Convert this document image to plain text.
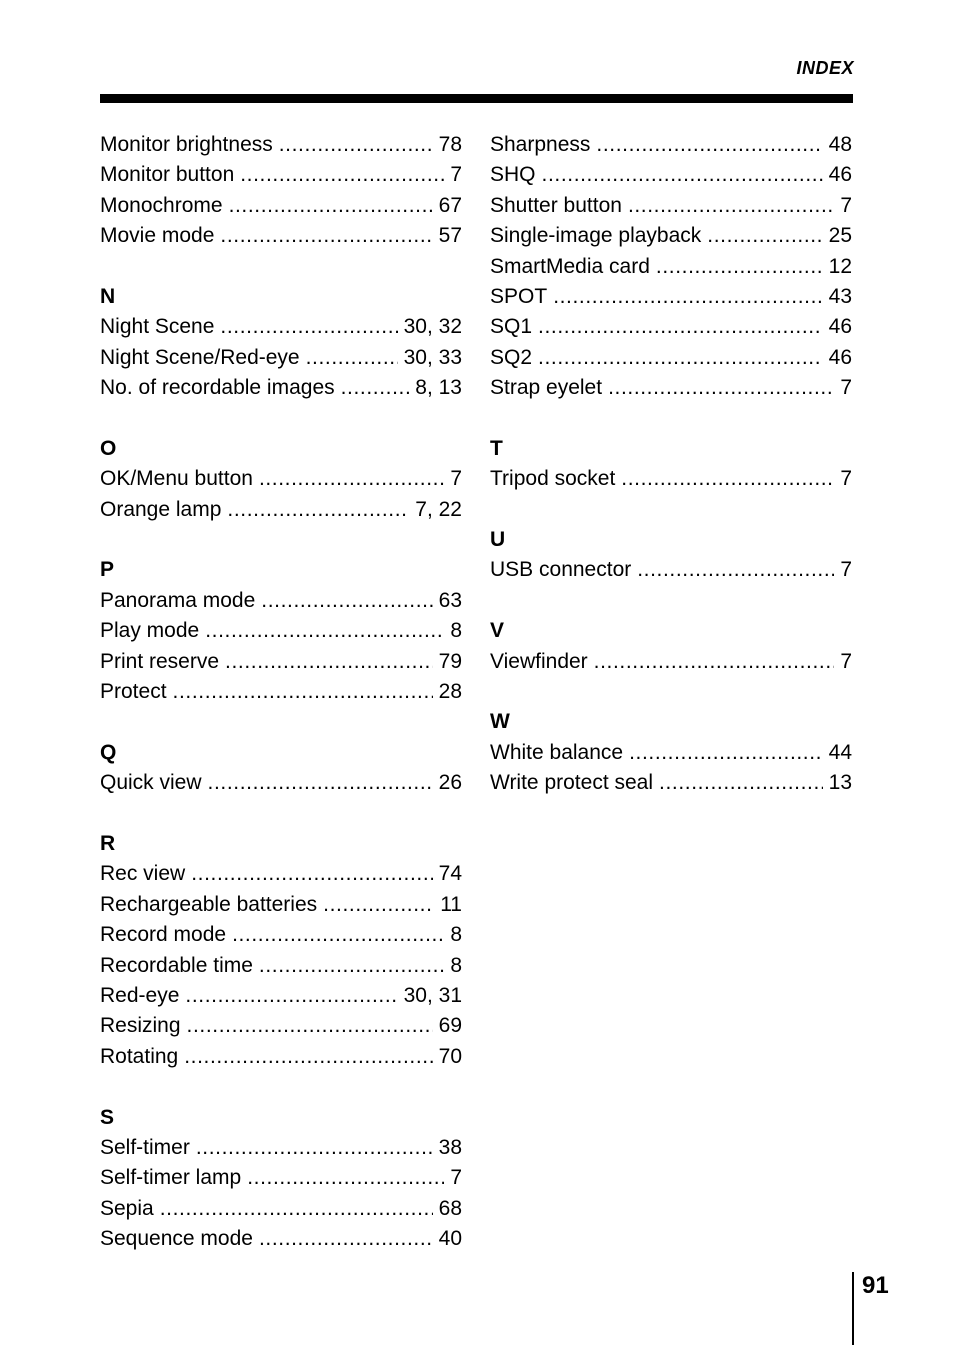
INDEX
Monitor brightness .....	78
Monitor button .....	7
Monochrome .....	67
Movie mode .....	57
N
Night Scene .....	30, 32
Night Scene/Red-eye .....	30, 33
No. of recordable images .....	8, 13
O
OK/Menu button .....	7
Orange lamp .....	7, 22
P
Panorama mode .....	63
Play mode .....	8
Print reserve .....	79
Protect .....	28
Q
Quick view .....	26
R
Rec view .....	74
Rechargeable batteries .....	11
Record mode .....	8
Recordable time .....	8
Red-eye .....	30, 31
Resizing .....	69
Rotating .....	70
S
Self-timer .....	38
Self-timer lamp .....	7
Sepia .....	68
Sequence mode .....	40
Sharpness .....	48
SHQ .....	46
Shutter button .....	7
Single-image playback .....	25
SmartMedia card .....	12
SPOT .....	43
SQ1 .....	46
SQ2 .....	46
Strap eyelet .....	7
T
Tripod socket .....	7
U
USB connector .....	7
V
Viewfinder .....	7
W
White balance .....	44
Write protect seal .....	13
91
